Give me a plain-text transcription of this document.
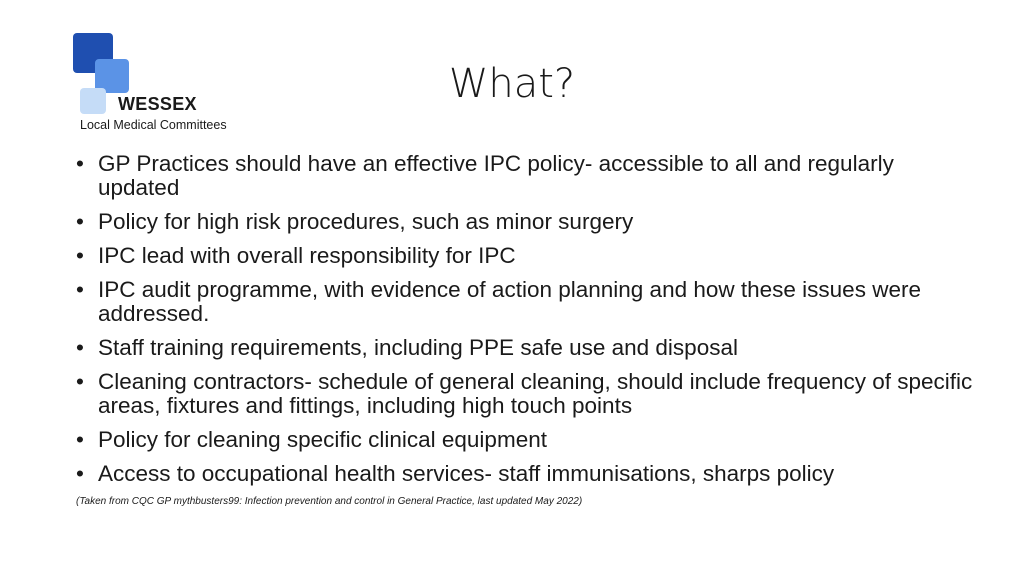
WESSEX
Local Medical Committees
What?
• GP Practices should have an effective IPC policy- accessible to all and regularly updated
• Policy for high risk procedures, such as minor surgery
• IPC lead with overall responsibility for IPC
• IPC audit programme, with evidence of action planning and how these issues were addressed.
• Staff training requirements, including PPE safe use and disposal
• Cleaning contractors- schedule of general cleaning, should include frequency of specific areas, fixtures and fittings, including high touch points
• Policy for cleaning specific clinical equipment
• Access to occupational health services- staff immunisations, sharps policy
(Taken from CQC GP mythbusters99: Infection prevention and control in General Practice, last updated May 2022)
